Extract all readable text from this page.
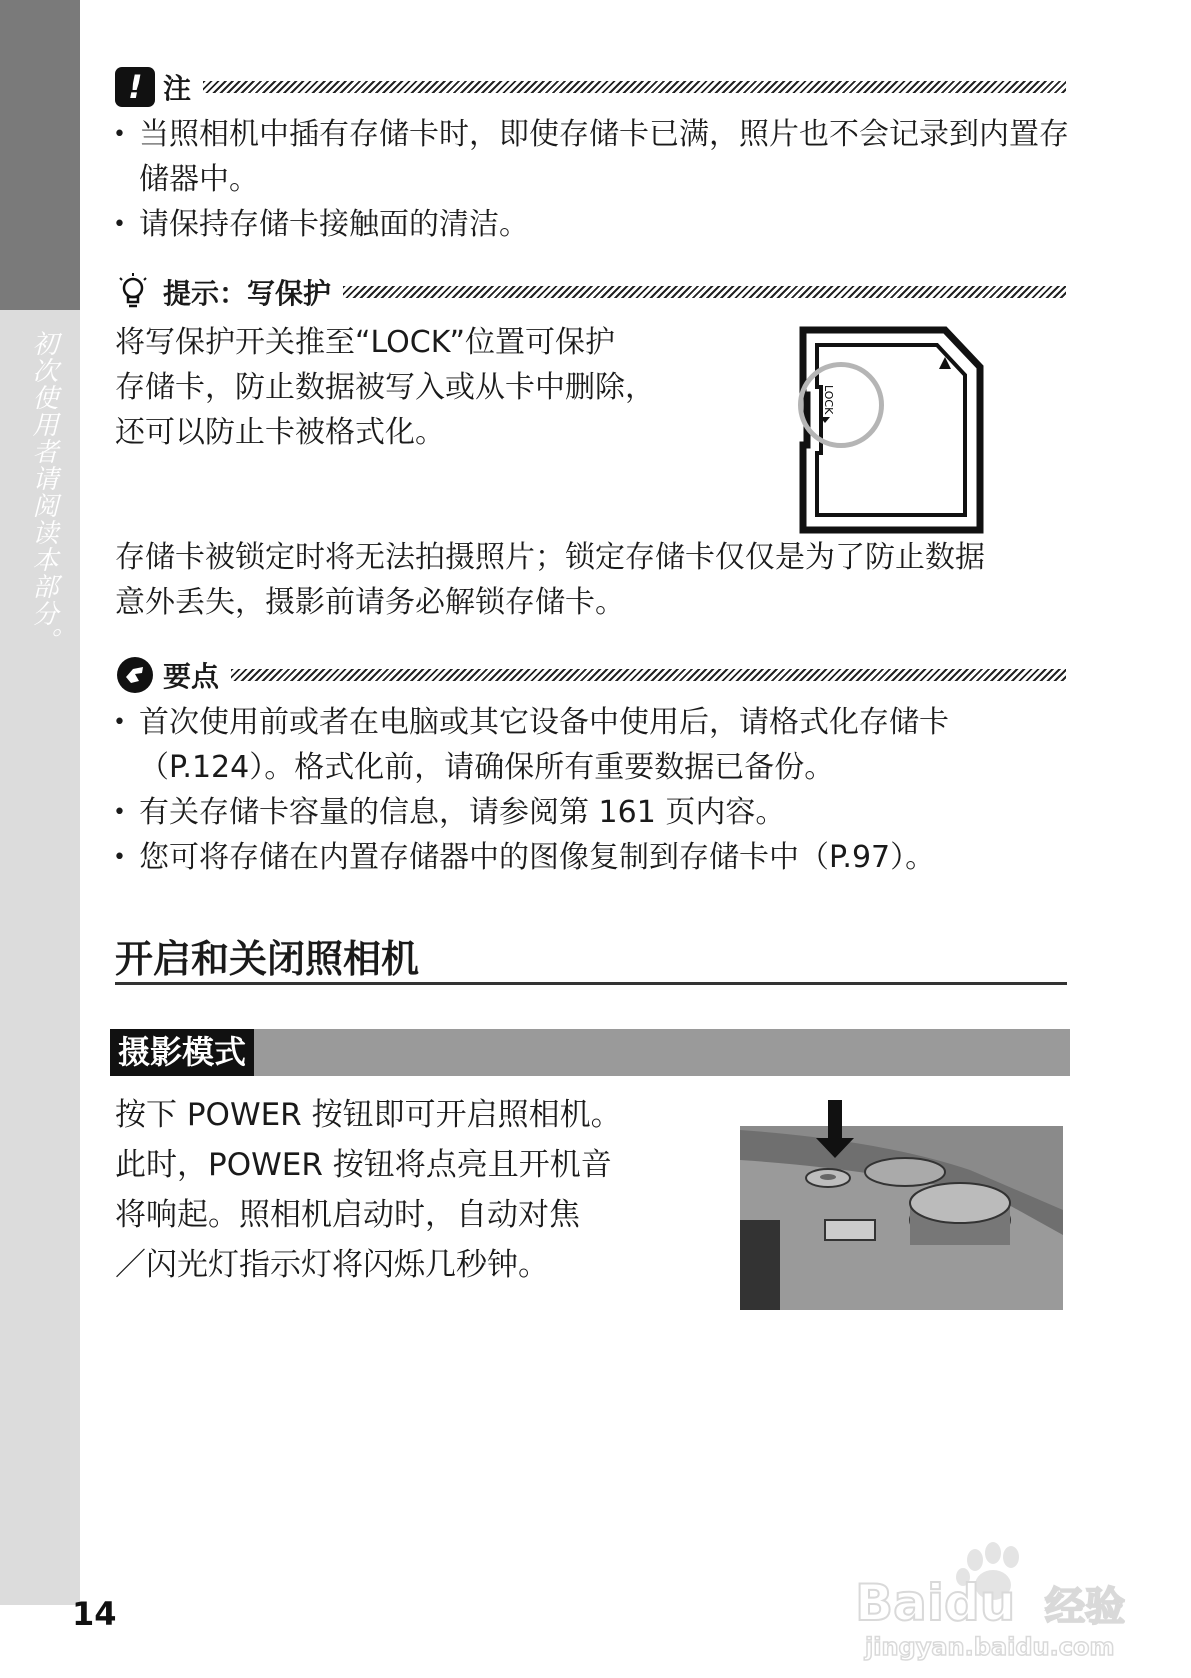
初次使用者请阅读本部分。
!
注
• 当照相机中插有存储卡时，即使存储卡已满，照片也不会记录到内置存储器中。
• 请保持存储卡接触面的清洁。
提示：写保护
将写保护开关推至“LOCK”位置可保护
存储卡，防止数据被写入或从卡中删除，
还可以防止卡被格式化。
LOCK
存储卡被锁定时将无法拍摄照片；锁定存储卡仅仅是为了防止数据
意外丢失，摄影前请务必解锁存储卡。
要点
• 首次使用前或者在电脑或其它设备中使用后，请格式化存储卡（P.124）。格式化前，请确保所有重要数据已备份。
• 有关存储卡容量的信息，请参阅第 161 页内容。
• 您可将存储在内置存储器中的图像复制到存储卡中（P.97）。
开启和关闭照相机
摄影模式
按下 POWER 按钮即可开启照相机。
此时，POWER 按钮将点亮且开机音
将响起。照相机启动时，自动对焦
／闪光灯指示灯将闪烁几秒钟。
14	Baidu 经验
jingyan.baidu.com
